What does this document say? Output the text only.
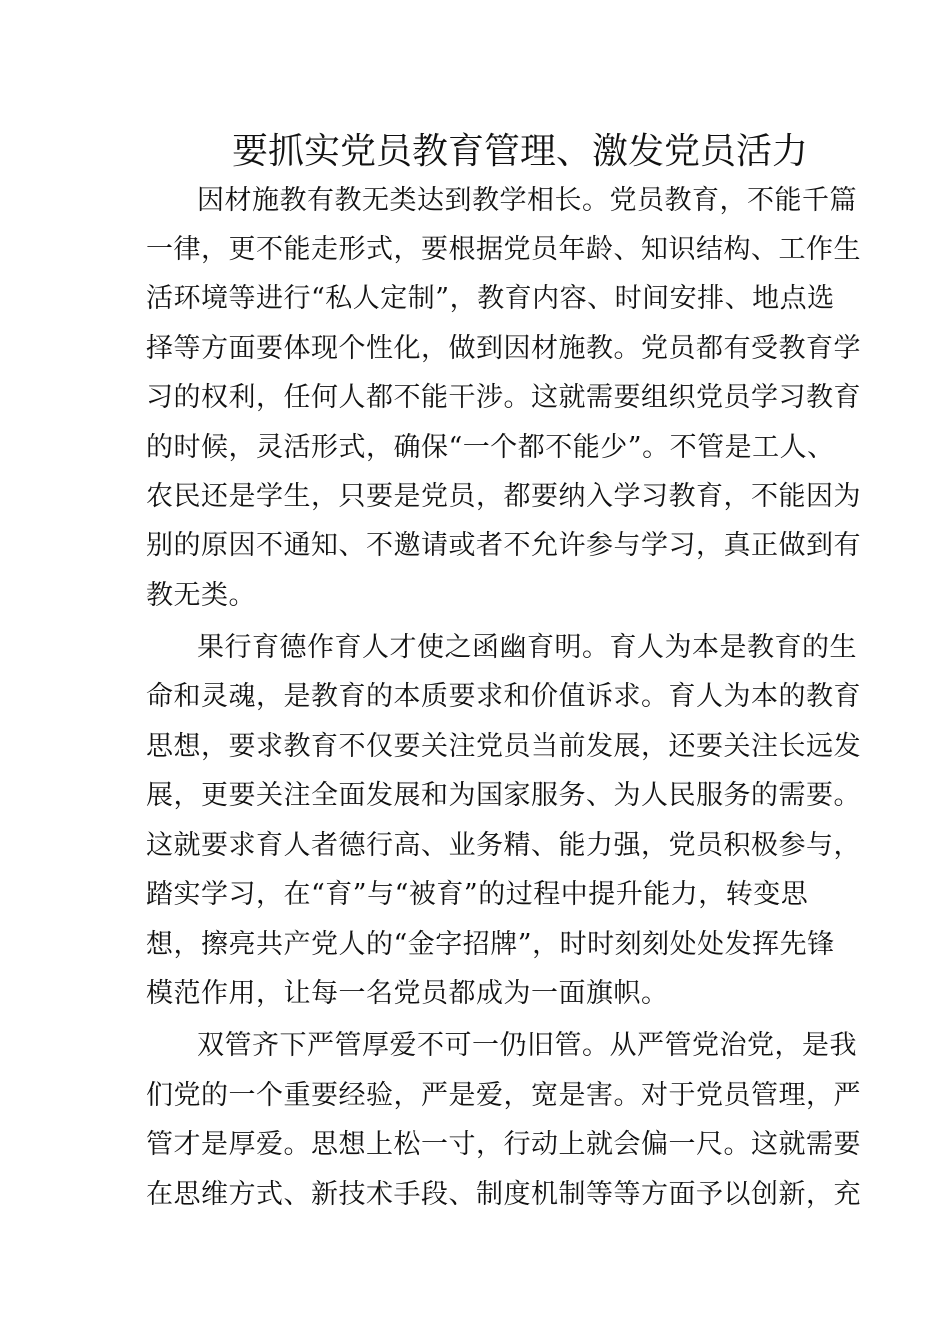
要抓实党员教育管理、激发党员活力

因材施教有教无类达到教学相长。党员教育，不能千篇

一律，更不能走形式，要根据党员年龄、知识结构、工作生

活环境等进行“私人定制”，教育内容、时间安排、地点选

择等方面要体现个性化，做到因材施教。党员都有受教育学

习的权利，任何人都不能干涉。这就需要组织党员学习教育

的时候，灵活形式，确保“一个都不能少”。不管是工人、

农民还是学生，只要是党员，都要纳入学习教育，不能因为

别的原因不通知、不邀请或者不允许参与学习，真正做到有

教无类。

果行育德作育人才使之函幽育明。育人为本是教育的生

命和灵魂，是教育的本质要求和价值诉求。育人为本的教育

思想，要求教育不仅要关注党员当前发展，还要关注长远发

展，更要关注全面发展和为国家服务、为人民服务的需要。

这就要求育人者德行高、业务精、能力强，党员积极参与，

踏实学习，在“育”与“被育”的过程中提升能力，转变思

想，擦亮共产党人的“金字招牌”，时时刻刻处处发挥先锋

模范作用，让每一名党员都成为一面旗帜。

双管齐下严管厚爱不可一仍旧管。从严管党治党，是我

们党的一个重要经验，严是爱，宽是害。对于党员管理，严

管才是厚爱。思想上松一寸，行动上就会偏一尺。这就需要

在思维方式、新技术手段、制度机制等等方面予以创新，充
